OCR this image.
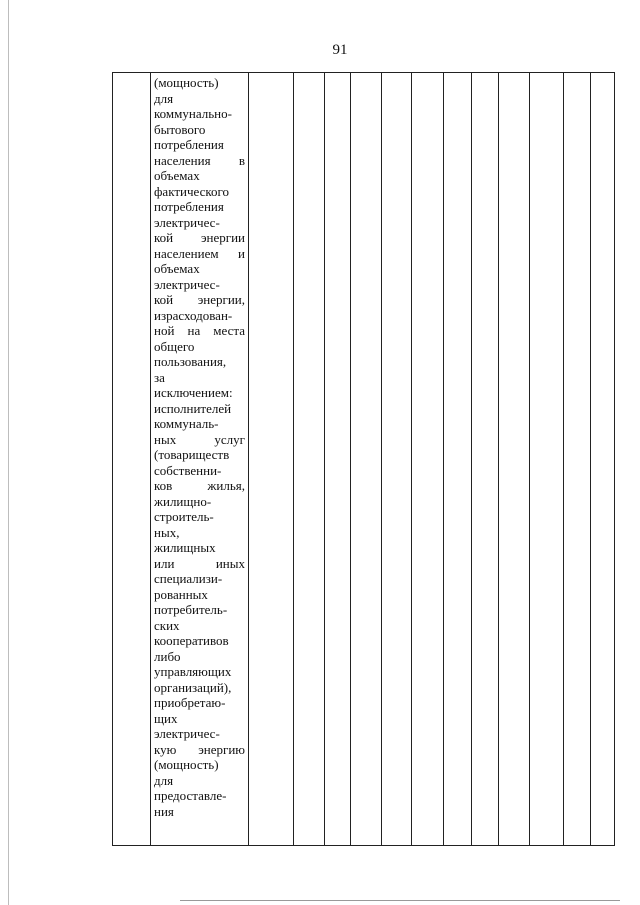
91

(мощность)
для
коммунально-
бытового
потребления
населения в
объемах
фактического
потребления
электричес-
кой энергии
населением и
объемах
электричес-
кой энергии,
израсходован-
ной на места
общего
пользования,
за
исключением:
исполнителей
коммуналь-
ных услуг
(товариществ
собственни-
ков жилья,
жилищно-
строитель-
ных,
жилищных
или иных
специализи-
рованных
потребитель-
ских
кооперативов
либо
управляющих
организаций),
приобретаю-
щих
электричес-
кую энергию
(мощность)
для
предоставле-
ния
